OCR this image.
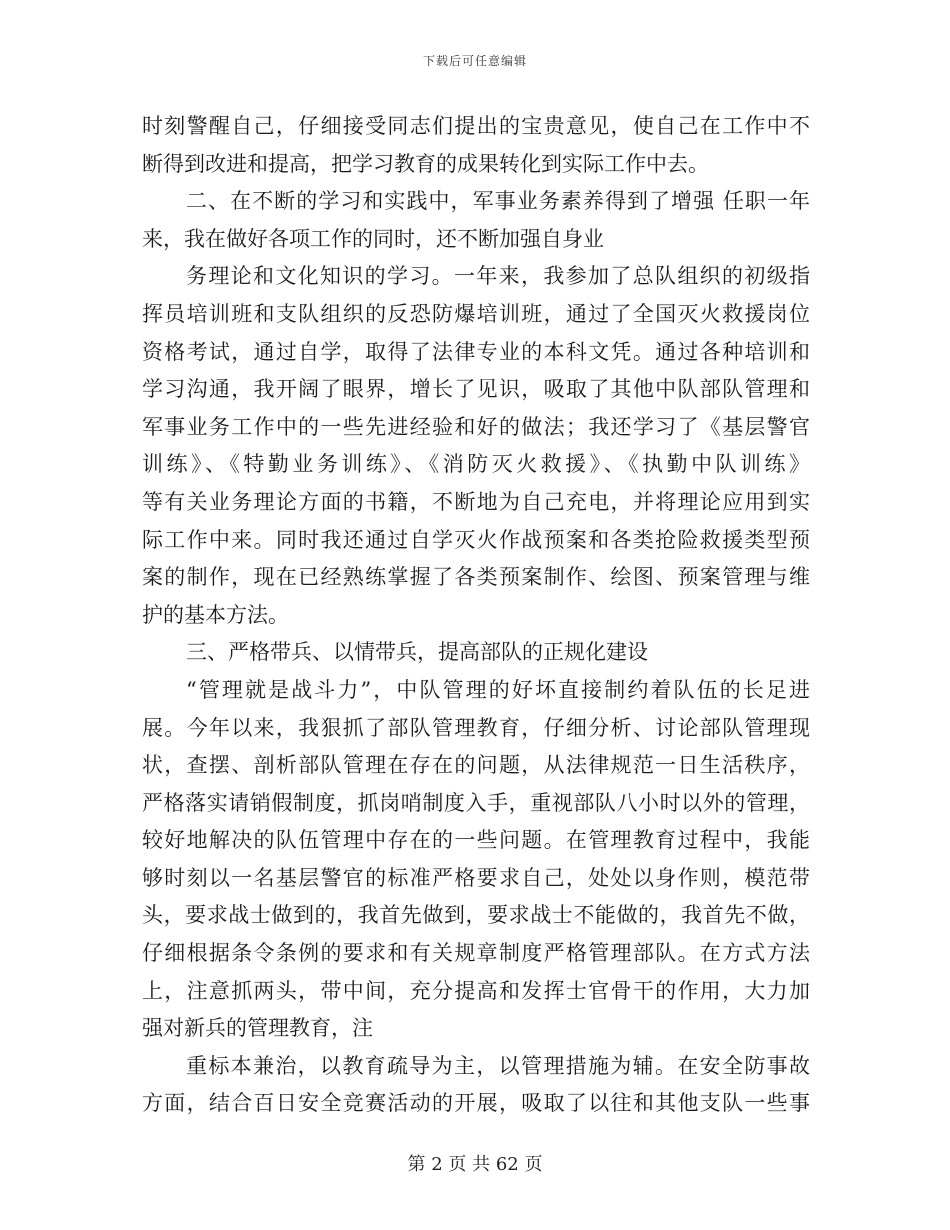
下载后可任意编辑
时刻警醒自己，仔细接受同志们提出的宝贵意见，使自己在工作中不
断得到改进和提高，把学习教育的成果转化到实际工作中去。
二、在不断的学习和实践中，军事业务素养得到了增强 任职一年
来，我在做好各项工作的同时，还不断加强自身业
务理论和文化知识的学习。一年来，我参加了总队组织的初级指
挥员培训班和支队组织的反恐防爆培训班，通过了全国灭火救援岗位
资格考试，通过自学，取得了法律专业的本科文凭。通过各种培训和
学习沟通，我开阔了眼界，增长了见识，吸取了其他中队部队管理和
军事业务工作中的一些先进经验和好的做法；我还学习了《基层警官
训练》、《特勤业务训练》、《消防灭火救援》、《执勤中队训练》
等有关业务理论方面的书籍，不断地为自己充电，并将理论应用到实
际工作中来。同时我还通过自学灭火作战预案和各类抢险救援类型预
案的制作，现在已经熟练掌握了各类预案制作、绘图、预案管理与维
护的基本方法。
三、严格带兵、以情带兵，提高部队的正规化建设
“管理就是战斗力”，中队管理的好坏直接制约着队伍的长足进
展。今年以来，我狠抓了部队管理教育，仔细分析、讨论部队管理现
状，查摆、剖析部队管理在存在的问题，从法律规范一日生活秩序，
严格落实请销假制度，抓岗哨制度入手，重视部队八小时以外的管理，
较好地解决的队伍管理中存在的一些问题。在管理教育过程中，我能
够时刻以一名基层警官的标准严格要求自己，处处以身作则，模范带
头，要求战士做到的，我首先做到，要求战士不能做的，我首先不做，
仔细根据条令条例的要求和有关规章制度严格管理部队。在方式方法
上，注意抓两头，带中间，充分提高和发挥士官骨干的作用，大力加
强对新兵的管理教育，注
重标本兼治，以教育疏导为主，以管理措施为辅。在安全防事故
方面，结合百日安全竞赛活动的开展，吸取了以往和其他支队一些事
第 2 页 共 62 页
